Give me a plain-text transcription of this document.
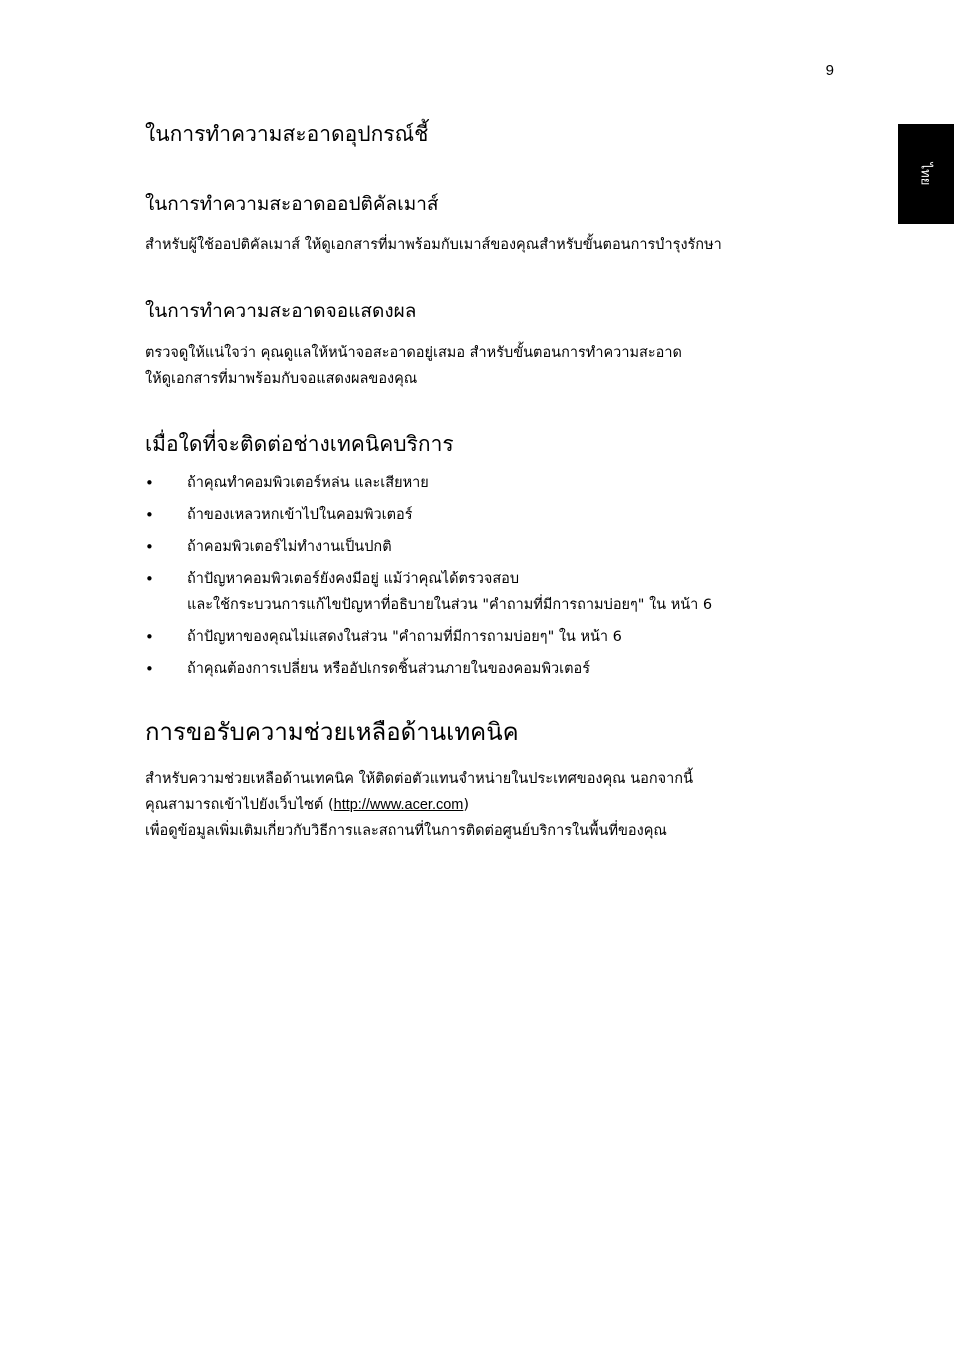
9
ไทย
ในการทำความสะอาดอุปกรณ์ชี้
ในการทำความสะอาดออปติคัลเมาส์

สำหรับผู้ใช้ออปติคัลเมาส์ ให้ดูเอกสารที่มาพร้อมกับเมาส์ของคุณสำหรับขั้นตอนการบำรุงรักษา

ในการทำความสะอาดจอแสดงผล

ตรวจดูให้แน่ใจว่า คุณดูแลให้หน้าจอสะอาดอยู่เสมอ สำหรับขั้นตอนการทำความสะอาด
ให้ดูเอกสารที่มาพร้อมกับจอแสดงผลของคุณ

เมื่อใดที่จะติดต่อช่างเทคนิคบริการ
• ถ้าคุณทำคอมพิวเตอร์หล่น และเสียหาย
• ถ้าของเหลวหกเข้าไปในคอมพิวเตอร์
• ถ้าคอมพิวเตอร์ไม่ทำงานเป็นปกติ
• ถ้าปัญหาคอมพิวเตอร์ยังคงมีอยู่ แม้ว่าคุณได้ตรวจสอบ
และใช้กระบวนการแก้ไขปัญหาที่อธิบายในส่วน "คำถามที่มีการถามบ่อยๆ" ใน หน้า 6
• ถ้าปัญหาของคุณไม่แสดงในส่วน "คำถามที่มีการถามบ่อยๆ" ใน หน้า 6
• ถ้าคุณต้องการเปลี่ยน หรืออัปเกรดชิ้นส่วนภายในของคอมพิวเตอร์
การขอรับความช่วยเหลือด้านเทคนิค

สำหรับความช่วยเหลือด้านเทคนิค ให้ติดต่อตัวแทนจำหน่ายในประเทศของคุณ นอกจากนี้
คุณสามารถเข้าไปยังเว็บไซต์ (http://www.acer.com)
เพื่อดูข้อมูลเพิ่มเติมเกี่ยวกับวิธีการและสถานที่ในการติดต่อศูนย์บริการในพื้นที่ของคุณ
